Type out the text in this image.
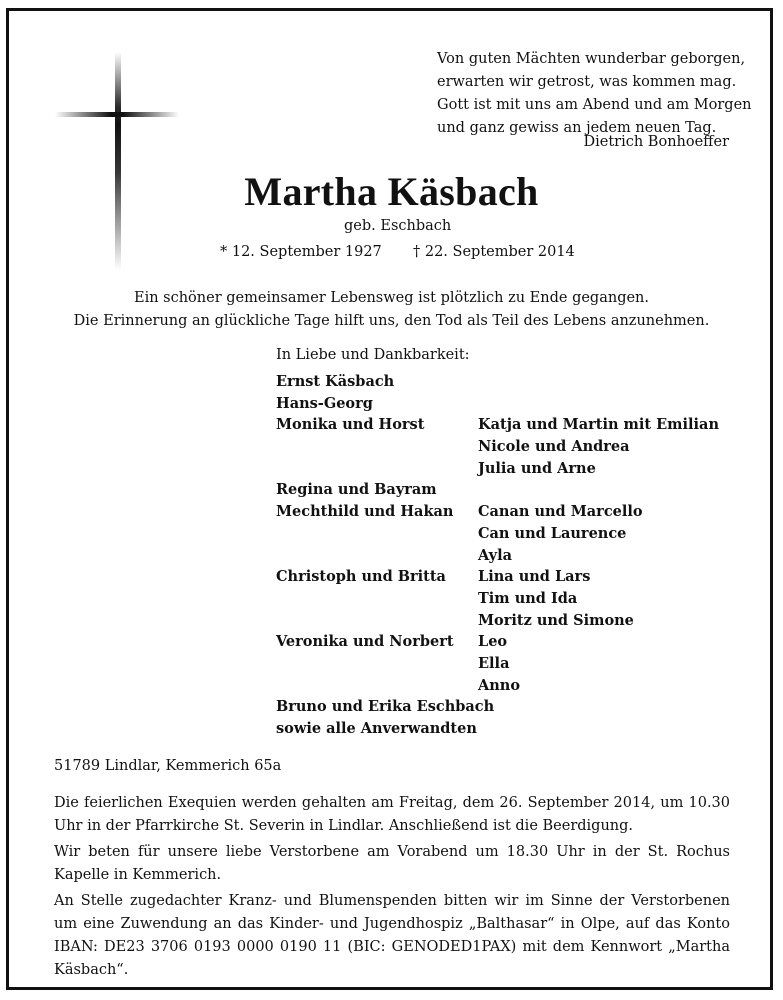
Von guten Mächten wunderbar geborgen,
erwarten wir getrost, was kommen mag.
Gott ist mit uns am Abend und am Morgen
und ganz gewiss an jedem neuen Tag.
Dietrich Bonhoeffer
Martha Käsbach
geb. Eschbach
* 12. September 1927 † 22. September 2014
Ein schöner gemeinsamer Lebensweg ist plötzlich zu Ende gegangen.
Die Erinnerung an glückliche Tage hilft uns, den Tod als Teil des Lebens anzunehmen.
In Liebe und Dankbarkeit:
Ernst Käsbach
Hans-Georg
Monika und Horst	Katja und Martin mit Emilian
Nicole und Andrea
Julia und Arne
Regina und Bayram
Mechthild und Hakan Canan und Marcello
Can und Laurence
Ayla
Christoph und Britta Lina und Lars
Tim und Ida
Moritz und Simone
Veronika und Norbert Leo
Ella
Anno
Bruno und Erika Eschbach
sowie alle Anverwandten
51789 Lindlar, Kemmerich 65a

Die feierlichen Exequien werden gehalten am Freitag, dem 26. September 2014, um 10.30 Uhr in der Pfarrkirche St. Severin in Lindlar. Anschließend ist die Beerdigung.

Wir beten für unsere liebe Verstorbene am Vorabend um 18.30 Uhr in der St. Rochus Kapelle in Kemmerich.

An Stelle zugedachter Kranz- und Blumenspenden bitten wir im Sinne der Verstorbenen um eine Zuwendung an das Kinder- und Jugendhospiz „Balthasar“ in Olpe, auf das Konto IBAN: DE23 3706 0193 0000 0190 11 (BIC: GENODED1PAX) mit dem Kennwort „Martha Käsbach“.
